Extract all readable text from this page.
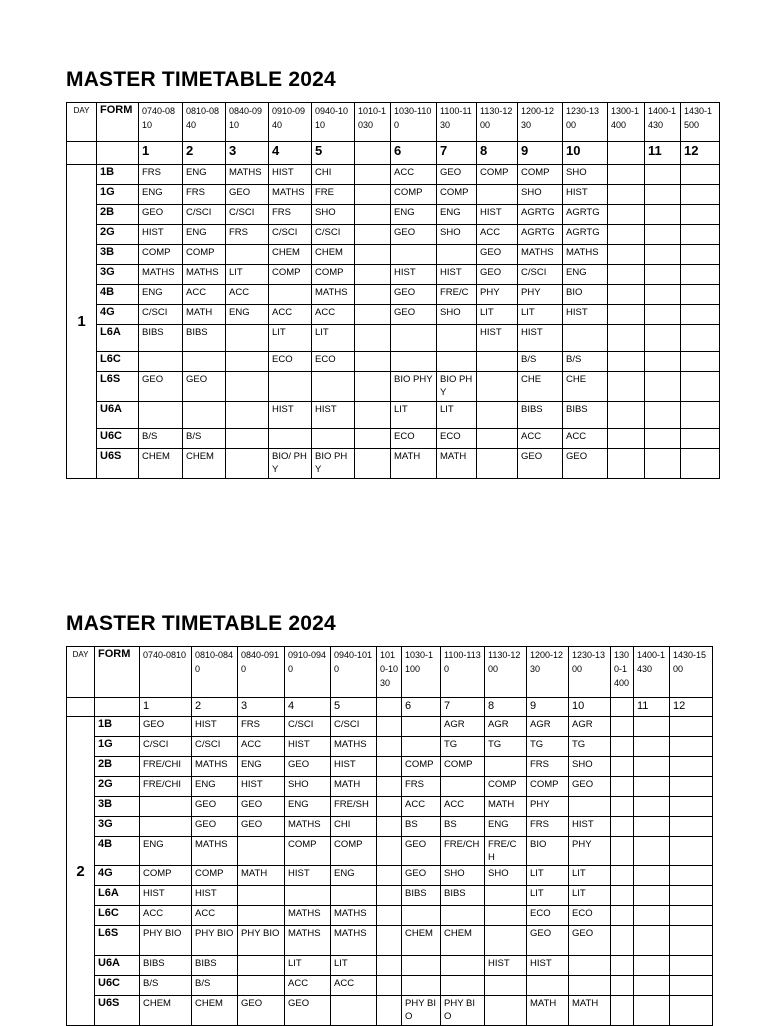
MASTER TIMETABLE 2024
DAY	FORM	0740-0810	0810-0840	0840-0910	0910-0940	0940-1010	1010-1030	1030-1100	1100-1130	1130-1200	1200-1230	1230-1300	1300-1400	1400-1430	1430-1500
		1	2	3	4	5		6	7	8	9	10		11	12
1	1B	FRS	ENG	MATHS	HIST	CHI		ACC	GEO	COMP	COMP	SHO			
	1G	ENG	FRS	GEO	MATHS	FRE		COMP	COMP		SHO	HIST			
	2B	GEO	C/SCI	C/SCI	FRS	SHO		ENG	ENG	HIST	AGRTG	AGRTG			
	2G	HIST	ENG	FRS	C/SCI	C/SCI		GEO	SHO	ACC	AGRTG	AGRTG			
	3B	COMP	COMP		CHEM	CHEM				GEO	MATHS	MATHS			
	3G	MATHS	MATHS	LIT	COMP	COMP		HIST	HIST	GEO	C/SCI	ENG			
	4B	ENG	ACC	ACC		MATHS		GEO	FRE/C	PHY	PHY	BIO			
	4G	C/SCI	MATH	ENG	ACC	ACC		GEO	SHO	LIT	LIT	HIST			
	L6A	BIBS	BIBS		LIT	LIT				HIST	HIST				
	L6C				ECO	ECO					B/S	B/S			
	L6S	GEO	GEO					BIO PHY	BIO PHY		CHE	CHE			
	U6A				HIST	HIST		LIT	LIT		BIBS	BIBS			
	U6C	B/S	B/S					ECO	ECO		ACC	ACC			
	U6S	CHEM	CHEM		BIO/ PHY	BIO PHY		MATH	MATH		GEO	GEO			
MASTER TIMETABLE 2024
DAY	FORM	0740-0810	0810-0840	0840-0910	0910-0940	0940-1010	1010-1030	1030-1100	1100-1130	1130-1200	1200-1230	1230-1300	1300-1400	1400-1430	1430-1500
		1	2	3	4	5		6	7	8	9	10		11	12
2	1B	GEO	HIST	FRS	C/SCI	C/SCI			AGR	AGR	AGR	AGR			
	1G	C/SCI	C/SCI	ACC	HIST	MATHS			TG	TG	TG	TG			
	2B	FRE/CHI	MATHS	ENG	GEO	HIST		COMP	COMP		FRS	SHO			
	2G	FRE/CHI	ENG	HIST	SHO	MATH		FRS		COMP	COMP	GEO			
	3B		GEO	GEO	ENG	FRE/SH		ACC	ACC	MATH	PHY				
	3G		GEO	GEO	MATHS	CHI		BS	BS	ENG	FRS	HIST			
	4B	ENG	MATHS		COMP	COMP		GEO	FRE/CH	FRE/CH	BIO	PHY			
	4G	COMP	COMP	MATH	HIST	ENG		GEO	SHO	SHO	LIT	LIT			
	L6A	HIST	HIST					BIBS	BIBS		LIT	LIT			
	L6C	ACC	ACC		MATHS	MATHS					ECO	ECO			
	L6S	PHY BIO	PHY BIO	PHY BIO	MATHS	MATHS		CHEM	CHEM		GEO	GEO			
	U6A	BIBS	BIBS		LIT	LIT				HIST	HIST				
	U6C	B/S	B/S		ACC	ACC									
	U6S	CHEM	CHEM	GEO	GEO			PHY BIO	PHY BIO		MATH	MATH			
